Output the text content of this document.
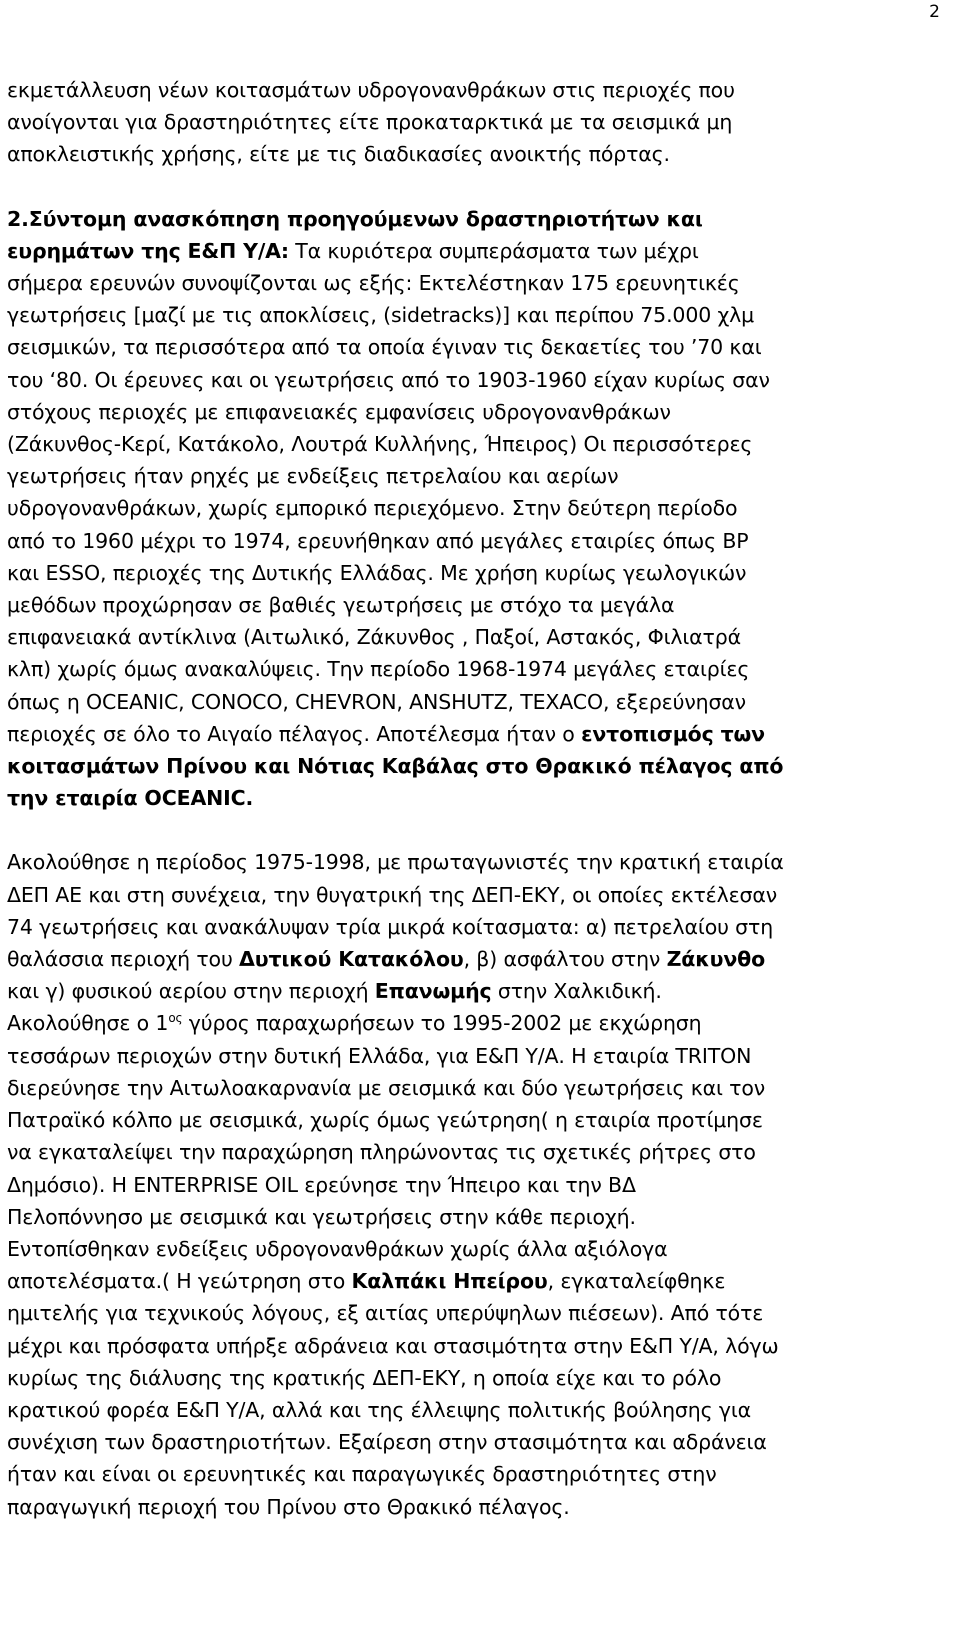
2

εκμετάλλευση νέων κοιτασμάτων υδρογονανθράκων στις περιοχές που
ανοίγονται για δραστηριότητες είτε προκαταρκτικά με τα σεισμικά μη
αποκλειστικής χρήσης, είτε με τις διαδικασίες ανοικτής πόρτας.

2.Σύντομη ανασκόπηση προηγούμενων δραστηριοτήτων και
ευρημάτων της Ε&Π Υ/Α: Τα κυριότερα συμπεράσματα των μέχρι
σήμερα ερευνών συνοψίζονται ως εξής: Εκτελέστηκαν 175 ερευνητικές
γεωτρήσεις [μαζί με τις αποκλίσεις, (sidetracks)] και περίπου 75.000 χλμ
σεισμικών, τα περισσότερα από τα οποία έγιναν τις δεκαετίες του ’70 και
του ‘80. Οι έρευνες και οι γεωτρήσεις από το 1903-1960 είχαν κυρίως σαν
στόχους περιοχές με επιφανειακές εμφανίσεις υδρογονανθράκων
(Ζάκυνθος-Κερί, Κατάκολο, Λουτρά Κυλλήνης, Ήπειρος) Οι περισσότερες
γεωτρήσεις ήταν ρηχές με ενδείξεις πετρελαίου και αερίων
υδρογονανθράκων, χωρίς εμπορικό περιεχόμενο. Στην δεύτερη περίοδο
από το 1960 μέχρι το 1974, ερευνήθηκαν από μεγάλες εταιρίες όπως BP
και ESSO, περιοχές της Δυτικής Ελλάδας. Με χρήση κυρίως γεωλογικών
μεθόδων προχώρησαν σε βαθιές γεωτρήσεις με στόχο τα μεγάλα
επιφανειακά αντίκλινα (Αιτωλικό, Ζάκυνθος , Παξοί, Αστακός, Φιλιατρά
κλπ) χωρίς όμως ανακαλύψεις. Την περίοδο 1968-1974 μεγάλες εταιρίες
όπως η OCEANIC, CONOCO, CHEVRON, ANSHUTZ, TEXACO, εξερεύνησαν
περιοχές σε όλο το Αιγαίο πέλαγος. Αποτέλεσμα ήταν ο εντοπισμός των
κοιτασμάτων Πρίνου και Νότιας Καβάλας στο Θρακικό πέλαγος από
την εταιρία OCEANIC.

Ακολούθησε η περίοδος 1975-1998, με πρωταγωνιστές την κρατική εταιρία
ΔΕΠ ΑΕ και στη συνέχεια, την θυγατρική της ΔΕΠ-ΕΚΥ, οι οποίες εκτέλεσαν
74 γεωτρήσεις και ανακάλυψαν τρία μικρά κοίτασματα: α) πετρελαίου στη
θαλάσσια περιοχή του Δυτικού Κατακόλου, β) ασφάλτου στην Ζάκυνθο
και γ) φυσικού αερίου στην περιοχή Επανωμής στην Χαλκιδική.
Ακολούθησε ο $1^{o\varsigma}$ γύρος παραχωρήσεων το 1995-2002 με εκχώρηση
τεσσάρων περιοχών στην δυτική Ελλάδα, για Ε&Π Υ/Α. Η εταιρία TRITON
διερεύνησε την Αιτωλοακαρνανία με σεισμικά και δύο γεωτρήσεις και τον
Πατραϊκό κόλπο με σεισμικά, χωρίς όμως γεώτρηση( η εταιρία προτίμησε
να εγκαταλείψει την παραχώρηση πληρώνοντας τις σχετικές ρήτρες στο
Δημόσιο). Η ENTERPRISE OIL ερεύνησε την Ήπειρο και την ΒΔ
Πελοπόννησο με σεισμικά και γεωτρήσεις στην κάθε περιοχή.
Εντοπίσθηκαν ενδείξεις υδρογονανθράκων χωρίς άλλα αξιόλογα
αποτελέσματα.( Η γεώτρηση στο Καλπάκι Ηπείρου, εγκαταλείφθηκε
ημιτελής για τεχνικούς λόγους, εξ αιτίας υπερύψηλων πιέσεων). Από τότε
μέχρι και πρόσφατα υπήρξε αδράνεια και στασιμότητα στην Ε&Π Υ/Α, λόγω
κυρίως της διάλυσης της κρατικής ΔΕΠ-ΕΚΥ, η οποία είχε και το ρόλο
κρατικού φορέα Ε&Π Υ/Α, αλλά και της έλλειψης πολιτικής βούλησης για
συνέχιση των δραστηριοτήτων. Εξαίρεση στην στασιμότητα και αδράνεια
ήταν και είναι οι ερευνητικές και παραγωγικές δραστηριότητες στην
παραγωγική περιοχή του Πρίνου στο Θρακικό πέλαγος.
